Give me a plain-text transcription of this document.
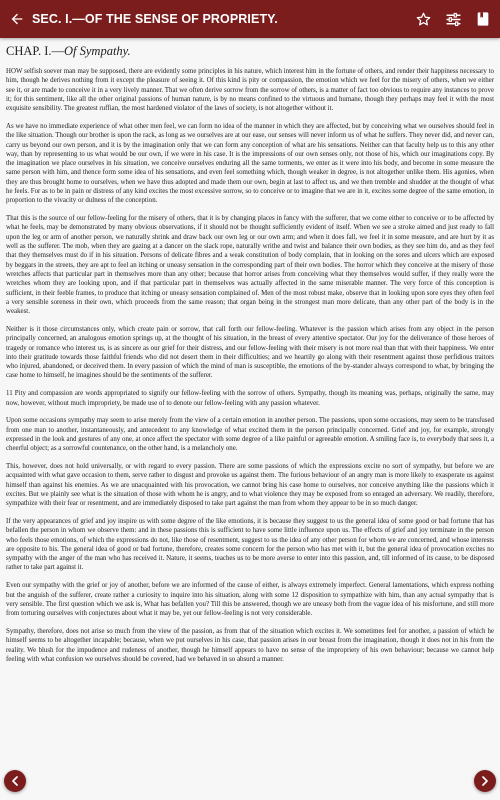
SEC. I.—OF THE SENSE OF PROPRIETY.
CHAP. I.—Of Sympathy.

HOW selfish soever man may be supposed, there are evidently some principles in his nature, which interest him in the fortune of others, and render their happiness necessary to him, though he derives nothing from it except the pleasure of seeing it. Of this kind is pity or compassion, the emotion which we feel for the misery of others, when we either see it, or are made to conceive it in a very lively manner. That we often derive sorrow from the sorrow of others, is a matter of fact too obvious to require any instances to prove it; for this sentiment, like all the other original passions of human nature, is by no means confined to the virtuous and humane, though they perhaps may feel it with the most exquisite sensibility. The greatest ruffian, the most hardened violator of the laws of society, is not altogether without it.

As we have no immediate experience of what other men feel, we can form no idea of the manner in which they are affected, but by conceiving what we ourselves should feel in the like situation. Though our brother is upon the rack, as long as we ourselves are at our ease, our senses will never inform us of what he suffers. They never did, and never can, carry us beyond our own person, and it is by the imagination only that we can form any conception of what are his sensations. Neither can that faculty help us to this any other way, than by representing to us what would be our own, if we were in his case. It is the impressions of our own senses only, not those of his, which our imaginations copy. By the imagination we place ourselves in his situation, we conceive ourselves enduring all the same torments, we enter as it were into his body, and become in some measure the same person with him, and thence form some idea of his sensations, and even feel something which, though weaker in degree, is not altogether unlike them. His agonies, when they are thus brought home to ourselves, when we have thus adopted and made them our own, begin at last to affect us, and we then tremble and shudder at the thought of what he feels. For as to be in pain or distress of any kind excites the most excessive sorrow, so to conceive or to imagine that we are in it, excites some degree of the same emotion, in proportion to the vivacity or dulness of the conception.

That this is the source of our fellow-feeling for the misery of others, that it is by changing places in fancy with the sufferer, that we come either to conceive or to be affected by what he feels, may be demonstrated by many obvious observations, if it should not be thought sufficiently evident of itself. When we see a stroke aimed and just ready to fall upon the leg or arm of another person, we naturally shrink and draw back our own leg or our own arm; and when it does fall, we feel it in some measure, and are hurt by it as well as the sufferer. The mob, when they are gazing at a dancer on the slack rope, naturally writhe and twist and balance their own bodies, as they see him do, and as they feel that they themselves must do if in his situation. Persons of delicate fibres and a weak constitution of body complain, that in looking on the sores and ulcers which are exposed by beggars in the streets, they are apt to feel an itching or uneasy sensation in the corresponding part of their own bodies. The horror which they conceive at the misery of those wretches affects that particular part in themselves more than any other; because that horror arises from conceiving what they themselves would suffer, if they really were the wretches whom they are looking upon, and if that particular part in themselves was actually affected in the same miserable manner. The very force of this conception is sufficient, in their feeble frames, to produce that itching or uneasy sensation complained of. Men of the most robust make, observe that in looking upon sore eyes they often feel a very sensible soreness in their own, which proceeds from the same reason; that organ being in the strongest man more delicate, than any other part of the body is in the weakest.

Neither is it those circumstances only, which create pain or sorrow, that call forth our fellow-feeling. Whatever is the passion which arises from any object in the person principally concerned, an analogous emotion springs up, at the thought of his situation, in the breast of every attentive spectator. Our joy for the deliverance of those heroes of tragedy or romance who interest us, is as sincere as our grief for their distress, and our fellow-feeling with their misery is not more real than that with their happiness. We enter into their gratitude towards those faithful friends who did not desert them in their difficulties; and we heartily go along with their resentment against those perfidious traitors who injured, abandoned, or deceived them. In every passion of which the mind of man is susceptible, the emotions of the by-stander always correspond to what, by bringing the case home to himself, he imagines should be the sentiments of the sufferer.

11 Pity and compassion are words appropriated to signify our fellow-feeling with the sorrow of others. Sympathy, though its meaning was, perhaps, originally the same, may now, however, without much impropriety, be made use of to denote our fellow-feeling with any passion whatever.

Upon some occasions sympathy may seem to arise merely from the view of a certain emotion in another person. The passions, upon some occasions, may seem to be transfused from one man to another, instantaneously, and antecedent to any knowledge of what excited them in the person principally concerned. Grief and joy, for example, strongly expressed in the look and gestures of any one, at once affect the spectator with some degree of a like painful or agreeable emotion. A smiling face is, to everybody that sees it, a cheerful object; as a sorrowful countenance, on the other hand, is a melancholy one.

This, however, does not hold universally, or with regard to every passion. There are some passions of which the expressions excite no sort of sympathy, but before we are acquainted with what gave occasion to them, serve rather to disgust and provoke us against them. The furious behaviour of an angry man is more likely to exasperate us against himself than against his enemies. As we are unacquainted with his provocation, we cannot bring his case home to ourselves, nor conceive anything like the passions which it excites. But we plainly see what is the situation of those with whom he is angry, and to what violence they may be exposed from so enraged an adversary. We readily, therefore, sympathize with their fear or resentment, and are immediately disposed to take part against the man from whom they appear to be in so much danger.

If the very appearances of grief and joy inspire us with some degree of the like emotions, it is because they suggest to us the general idea of some good or bad fortune that has befallen the person in whom we observe them: and in these passions this is sufficient to have some little influence upon us. The effects of grief and joy terminate in the person who feels those emotions, of which the expressions do not, like those of resentment, suggest to us the idea of any other person for whom we are concerned, and whose interests are opposite to his. The general idea of good or bad fortune, therefore, creates some concern for the person who has met with it, but the general idea of provocation excites no sympathy with the anger of the man who has received it. Nature, it seems, teaches us to be more averse to enter into this passion, and, till informed of its cause, to be disposed rather to take part against it.

Even our sympathy with the grief or joy of another, before we are informed of the cause of either, is always extremely imperfect. General lamentations, which express nothing but the anguish of the sufferer, create rather a curiosity to inquire into his situation, along with some 12 disposition to sympathize with him, than any actual sympathy that is very sensible. The first question which we ask is, What has befallen you? Till this be answered, though we are uneasy both from the vague idea of his misfortune, and still more from torturing ourselves with conjectures about what it may be, yet our fellow-feeling is not very considerable.

Sympathy, therefore, does not arise so much from the view of the passion, as from that of the situation which excites it. We sometimes feel for another, a passion of which he himself seems to be altogether incapable; because, when we put ourselves in his case, that passion arises in our breast from the imagination, though it does not in his from the reality. We blush for the impudence and rudeness of another, though he himself appears to have no sense of the impropriety of his own behaviour; because we cannot help feeling with what confusion we ourselves should be covered, had we behaved in so absurd a manner.
